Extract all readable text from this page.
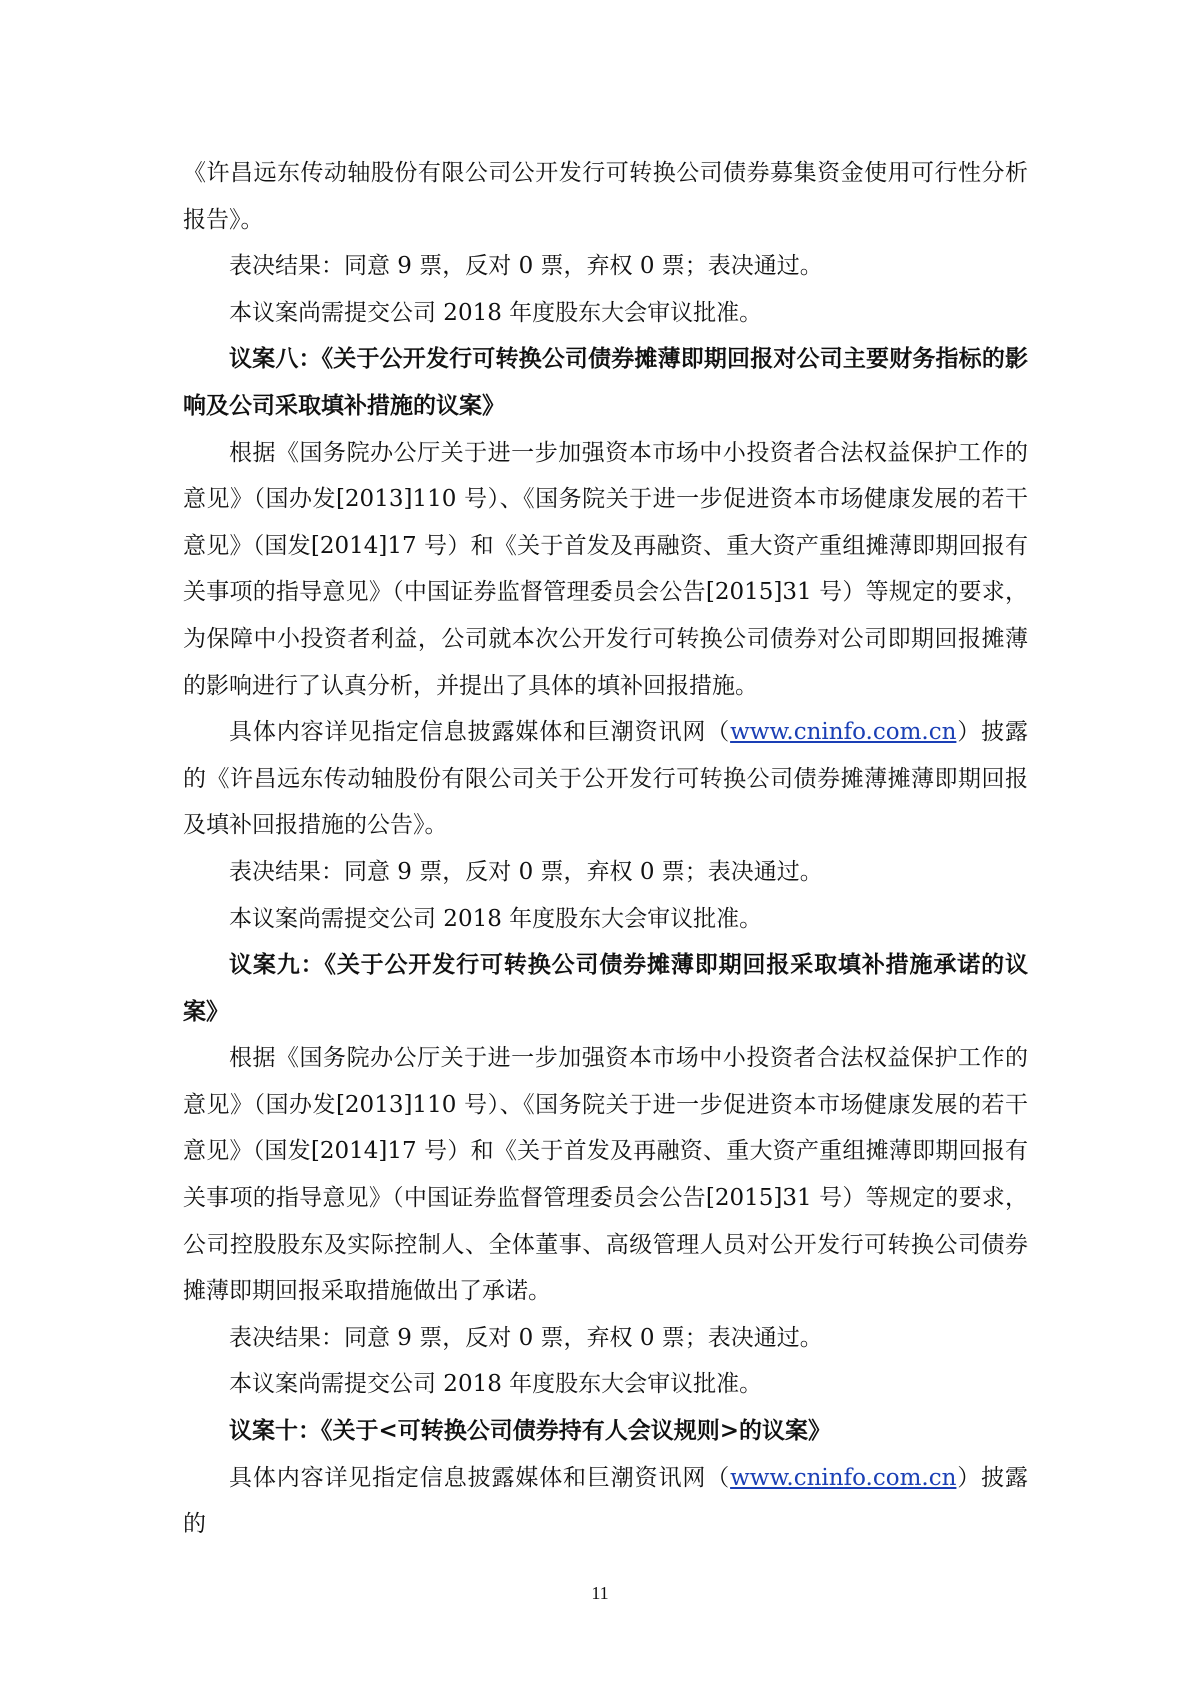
《许昌远东传动轴股份有限公司公开发行可转换公司债券募集资金使用可行性分析报告》。

表决结果：同意 9 票，反对 0 票，弃权 0 票；表决通过。

本议案尚需提交公司 2018 年度股东大会审议批准。

议案八：《关于公开发行可转换公司债券摊薄即期回报对公司主要财务指标的影响及公司采取填补措施的议案》

根据《国务院办公厅关于进一步加强资本市场中小投资者合法权益保护工作的意见》（国办发[2013]110 号）、《国务院关于进一步促进资本市场健康发展的若干意见》（国发[2014]17 号）和《关于首发及再融资、重大资产重组摊薄即期回报有关事项的指导意见》（中国证券监督管理委员会公告[2015]31 号）等规定的要求，为保障中小投资者利益，公司就本次公开发行可转换公司债券对公司即期回报摊薄的影响进行了认真分析，并提出了具体的填补回报措施。

具体内容详见指定信息披露媒体和巨潮资讯网（www.cninfo.com.cn）披露的《许昌远东传动轴股份有限公司关于公开发行可转换公司债券摊薄摊薄即期回报及填补回报措施的公告》。

表决结果：同意 9 票，反对 0 票，弃权 0 票；表决通过。

本议案尚需提交公司 2018 年度股东大会审议批准。

议案九：《关于公开发行可转换公司债券摊薄即期回报采取填补措施承诺的议案》

根据《国务院办公厅关于进一步加强资本市场中小投资者合法权益保护工作的意见》（国办发[2013]110 号）、《国务院关于进一步促进资本市场健康发展的若干意见》（国发[2014]17 号）和《关于首发及再融资、重大资产重组摊薄即期回报有关事项的指导意见》（中国证券监督管理委员会公告[2015]31 号）等规定的要求，公司控股股东及实际控制人、全体董事、高级管理人员对公开发行可转换公司债券摊薄即期回报采取措施做出了承诺。

表决结果：同意 9 票，反对 0 票，弃权 0 票；表决通过。

本议案尚需提交公司 2018 年度股东大会审议批准。

议案十：《关于<可转换公司债券持有人会议规则>的议案》

具体内容详见指定信息披露媒体和巨潮资讯网（www.cninfo.com.cn）披露的

11
